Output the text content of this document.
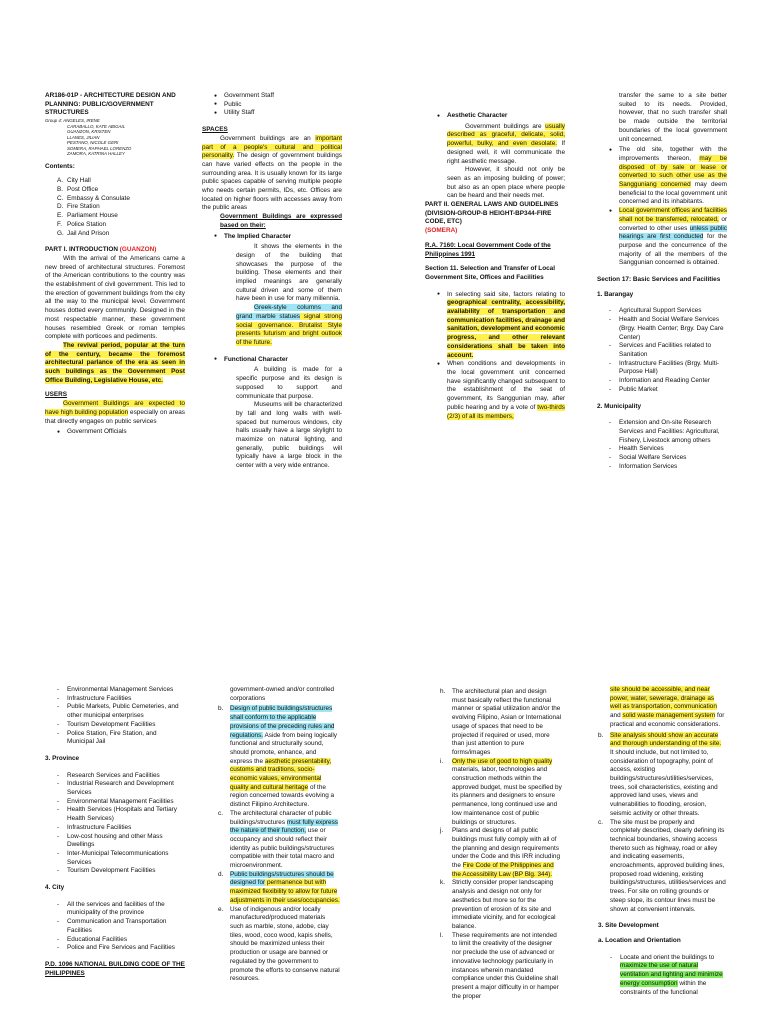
AR186-01P - ARCHITECTURE DESIGN AND PLANNING: PUBLIC/GOVERNMENT STRUCTURES

Group 4: ANGELES, IRENE
CARABALLO, KATE ABIGAIL
GUANZON, KRISTEN
LLANES, JILIAN
PESTANO, NICOLE GERI
SOMERA, RAPHAEL LORENZO
ZAMORA, KATRINA HALLEY

Contents:

A. City Hall
B. Post Office
C. Embassy & Consulate
D. Fire Station
E. Parliament House
F. Police Station
G. Jail And Prison

PART I. INTRODUCTION (GUANZON)

With the arrival of the Americans came a new breed of architectural structures. Foremost of the American contributions to the country was the establishment of civil government. This led to the erection of government buildings from the city all the way to the municipal level. Government houses dotted every community. Designed in the most respectable manner, these government houses resembled Greek or roman temples complete with porticoes and pediments.

The revival period, popular at the turn of the century, became the foremost architectural parlance of the era as seen in such buildings as the Government Post Office Building, Legislative House, etc.

USERS

Government Buildings are expected to have high building population especially on areas that directly engages on public services

● Government Officials
● Government Staff
● Public
● Utility Staff

SPACES

Government buildings are an important part of a people's cultural and political personality. The design of government buildings can have varied effects on the people in the surrounding area. It is usually known for its large public spaces capable of serving multiple people who needs certain permits, IDs, etc. Offices are located on higher floors with accesses away from the public areas

Government Buildings are expressed based on their:

● The Implied Character

It shows the elements in the design of the building that showcases the purpose of the building. These elements and their implied meanings are generally cultural driven and some of them have been in use for many millennia.

Greek-style columns and grand marble statues signal strong social governance. Brutalist Style presents futurism and bright outlook of the future.

● Functional Character

A building is made for a specific purpose and its design is supposed to support and communicate that purpose.

Museums will be characterized by tall and long walls with well-spaced but numerous windows, city halls usually have a large skylight to maximize on natural lighting, and generally, public buildings will typically have a large block in the center with a very wide entrance.

● Aesthetic Character

Government buildings are usually described as graceful, delicate, solid, powerful, bulky, and even desolate. If designed well, it will communicate the right aesthetic message.

However, it should not only be seen as an imposing building of power; but also as an open place where people can be heard and their needs met.

PART II. GENERAL LAWS AND GUIDELINES (DIVISION-GROUP-B HEIGHT-BP344-FIRE CODE, ETC)
(SOMERA)

R.A. 7160: Local Government Code of the Philippines 1991

Section 11. Selection and Transfer of Local Government Site, Offices and Facilities

● In selecting said site, factors relating to geographical centrality, accessibility, availability of transportation and communication facilities, drainage and sanitation, development and economic progress, and other relevant considerations shall be taken into account.
● When conditions and developments in the local government unit concerned have significantly changed subsequent to the establishment of the seat of government, its Sanggunian may, after public hearing and by a vote of two-thirds (2/3) of all its members,
transfer the same to a site better suited to its needs. Provided, however, that no such transfer shall be made outside the territorial boundaries of the local government unit concerned.
● The old site, together with the improvements thereon, may be disposed of by sale or lease or converted to such other use as the Sangguniang concerned may deem beneficial to the local government unit concerned and its inhabitants.
● Local government offices and facilities shall not be transferred, relocated, or converted to other uses unless public hearings are first conducted for the purpose and the concurrence of the majority of all the members of the Sanggunian concerned is obtained.

Section 17: Basic Services and Facilities

1. Barangay

- Agricultural Support Services
- Health and Social Welfare Services (Brgy. Health Center; Brgy. Day Care Center)
- Services and Facilities related to Sanitation
- Infrastructure Facilities (Brgy. Multi-Purpose Hall)
- Information and Reading Center
- Public Market

2. Municipality

- Extension and On-site Research Services and Facilities: Agricultural, Fishery, Livestock among others
- Health Services
- Social Welfare Services
- Information Services
- Environmental Management Services
- Infrastructure Facilities
- Public Markets, Public Cemeteries, and other municipal enterprises
- Tourism Development Facilities
- Police Station, Fire Station, and Municipal Jail

3. Province

- Research Services and Facilities
- Industrial Research and Development Services
- Environmental Management Facilities
- Health Services (Hospitals and Tertiary Health Services)
- Infrastructure Facilities
- Low-cost housing and other Mass Dwellings
- Inter-Municipal Telecommunications Services
- Tourism Development Facilities

4. City

- All the services and facilities of the municipality of the province
- Communication and Transportation Facilities
- Educational Facilities
- Police and Fire Services and Facilities

P.D. 1096 NATIONAL BUILDING CODE OF THE PHILIPPINES

government-owned and/or controlled corporations

b. Design of public buildings/structures shall conform to the applicable provisions of the preceding rules and regulations. Aside from being logically functional and structurally sound, should promote, enhance, and express the aesthetic presentability, customs and traditions, socio-economic values, environmental quality and cultural heritage of the region concerned towards evolving a distinct Filipino Architecture.
c. The architectural character of public buildings/structures must fully express the nature of their function, use or occupancy and should reflect their identity as public buildings/structures compatible with their total macro and microenvironment.
d. Public buildings/structures should be designed for permanence but with maximized flexibility to allow for future adjustments in their uses/occupancies.
e. Use of indigenous and/or locally manufactured/produced materials such as marble, stone, adobe, clay tiles, wood, coco wood, kapis shells, should be maximized unless their production or usage are banned or regulated by the government to promote the efforts to conserve natural resources.
h. The architectural plan and design must basically reflect the functional manner or spatial utilization and/or the evolving Filipino, Asian or International usage of spaces that need to be projected if required or used, more than just attention to pure forms/images
i. Only the use of good to high quality materials, labor, technologies and construction methods within the approved budget, must be specified by its planners and designers to ensure permanence, long continued use and low maintenance cost of public buildings or structures.
j. Plans and designs of all public buildings must fully comply with all of the planning and design requirements under the Code and this IRR including the Fire Code of the Philippines and the Accessibility Law (BP Blg. 344).
k. Strictly consider proper landscaping analysis and design not only for aesthetics but more so for the prevention of erosion of its site and immediate vicinity, and for ecological balance.
l. These requirements are not intended to limit the creativity of the designer nor preclude the use of advanced or innovative technology particularly in instances wherein mandated compliance under this Guideline shall present a major difficulty in or hamper the proper

site should be accessible, and near power, water, sewerage, drainage as well as transportation, communication and solid waste management system for practical and economic considerations.

b. Site analysis should show an accurate and thorough understanding of the site. It should include, but not limited to, consideration of topography, point of access, existing buildings/structures/utilities/services, trees, soil characteristics, existing and approved land uses, views and vulnerabilities to flooding, erosion, seismic activity or other threats.
c. The site must be properly and completely described, clearly defining its technical boundaries, showing access thereto such as highway, road or alley and indicating easements, encroachments, approved building lines, proposed road widening, existing buildings/structures, utilities/services and trees. For site on rolling grounds or steep slope, its contour lines must be shown at convenient intervals.

3. Site Development

a. Location and Orientation

- Locate and orient the buildings to maximize the use of natural ventilation and lighting and minimize energy consumption within the constraints of the functional
